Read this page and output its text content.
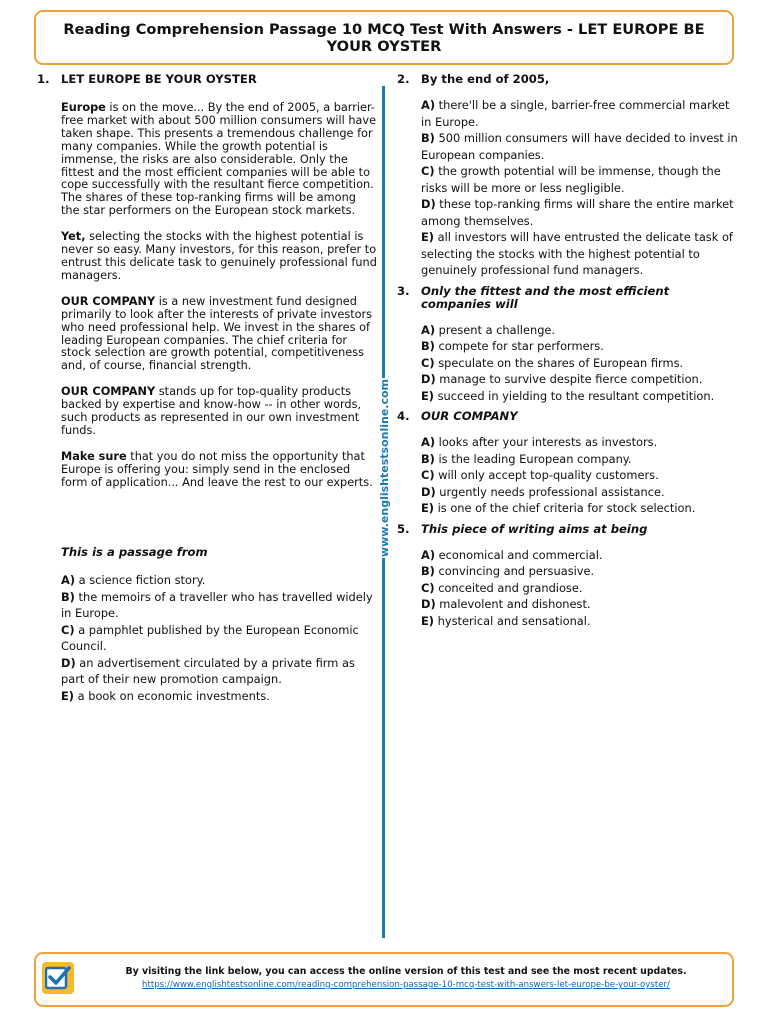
Reading Comprehension Passage 10 MCQ Test With Answers - LET EUROPE BE YOUR OYSTER
1. LET EUROPE BE YOUR OYSTER

Europe is on the move... By the end of 2005, a barrier-free market with about 500 million consumers will have taken shape. This presents a tremendous challenge for many companies. While the growth potential is immense, the risks are also considerable. Only the fittest and the most efficient companies will be able to cope successfully with the resultant fierce competition. The shares of these top-ranking firms will be among the star performers on the European stock markets.

Yet, selecting the stocks with the highest potential is never so easy. Many investors, for this reason, prefer to entrust this delicate task to genuinely professional fund managers.

OUR COMPANY is a new investment fund designed primarily to look after the interests of private investors who need professional help. We invest in the shares of leading European companies. The chief criteria for stock selection are growth potential, competitiveness and, of course, financial strength.

OUR COMPANY stands up for top-quality products backed by expertise and know-how -- in other words, such products as represented in our own investment funds.

Make sure that you do not miss the opportunity that Europe is offering you: simply send in the enclosed form of application... And leave the rest to our experts.

This is a passage from
A) a science fiction story.
B) the memoirs of a traveller who has travelled widely in Europe.
C) a pamphlet published by the European Economic Council.
D) an advertisement circulated by a private firm as part of their new promotion campaign.
E) a book on economic investments.
www.englishtestsonline.com
2. By the end of 2005,
A) there'll be a single, barrier-free commercial market in Europe.
B) 500 million consumers will have decided to invest in European companies.
C) the growth potential will be immense, though the risks will be more or less negligible.
D) these top-ranking firms will share the entire market among themselves.
E) all investors will have entrusted the delicate task of selecting the stocks with the highest potential to genuinely professional fund managers.
3. Only the fittest and the most efficient companies will
A) present a challenge.
B) compete for star performers.
C) speculate on the shares of European firms.
D) manage to survive despite fierce competition.
E) succeed in yielding to the resultant competition.
4. OUR COMPANY
A) looks after your interests as investors.
B) is the leading European company.
C) will only accept top-quality customers.
D) urgently needs professional assistance.
E) is one of the chief criteria for stock selection.
5. This piece of writing aims at being
A) economical and commercial.
B) convincing and persuasive.
C) conceited and grandiose.
D) malevolent and dishonest.
E) hysterical and sensational.
By visiting the link below, you can access the online version of this test and see the most recent updates.
https://www.englishtestsonline.com/reading-comprehension-passage-10-mcq-test-with-answers-let-europe-be-your-oyster/
